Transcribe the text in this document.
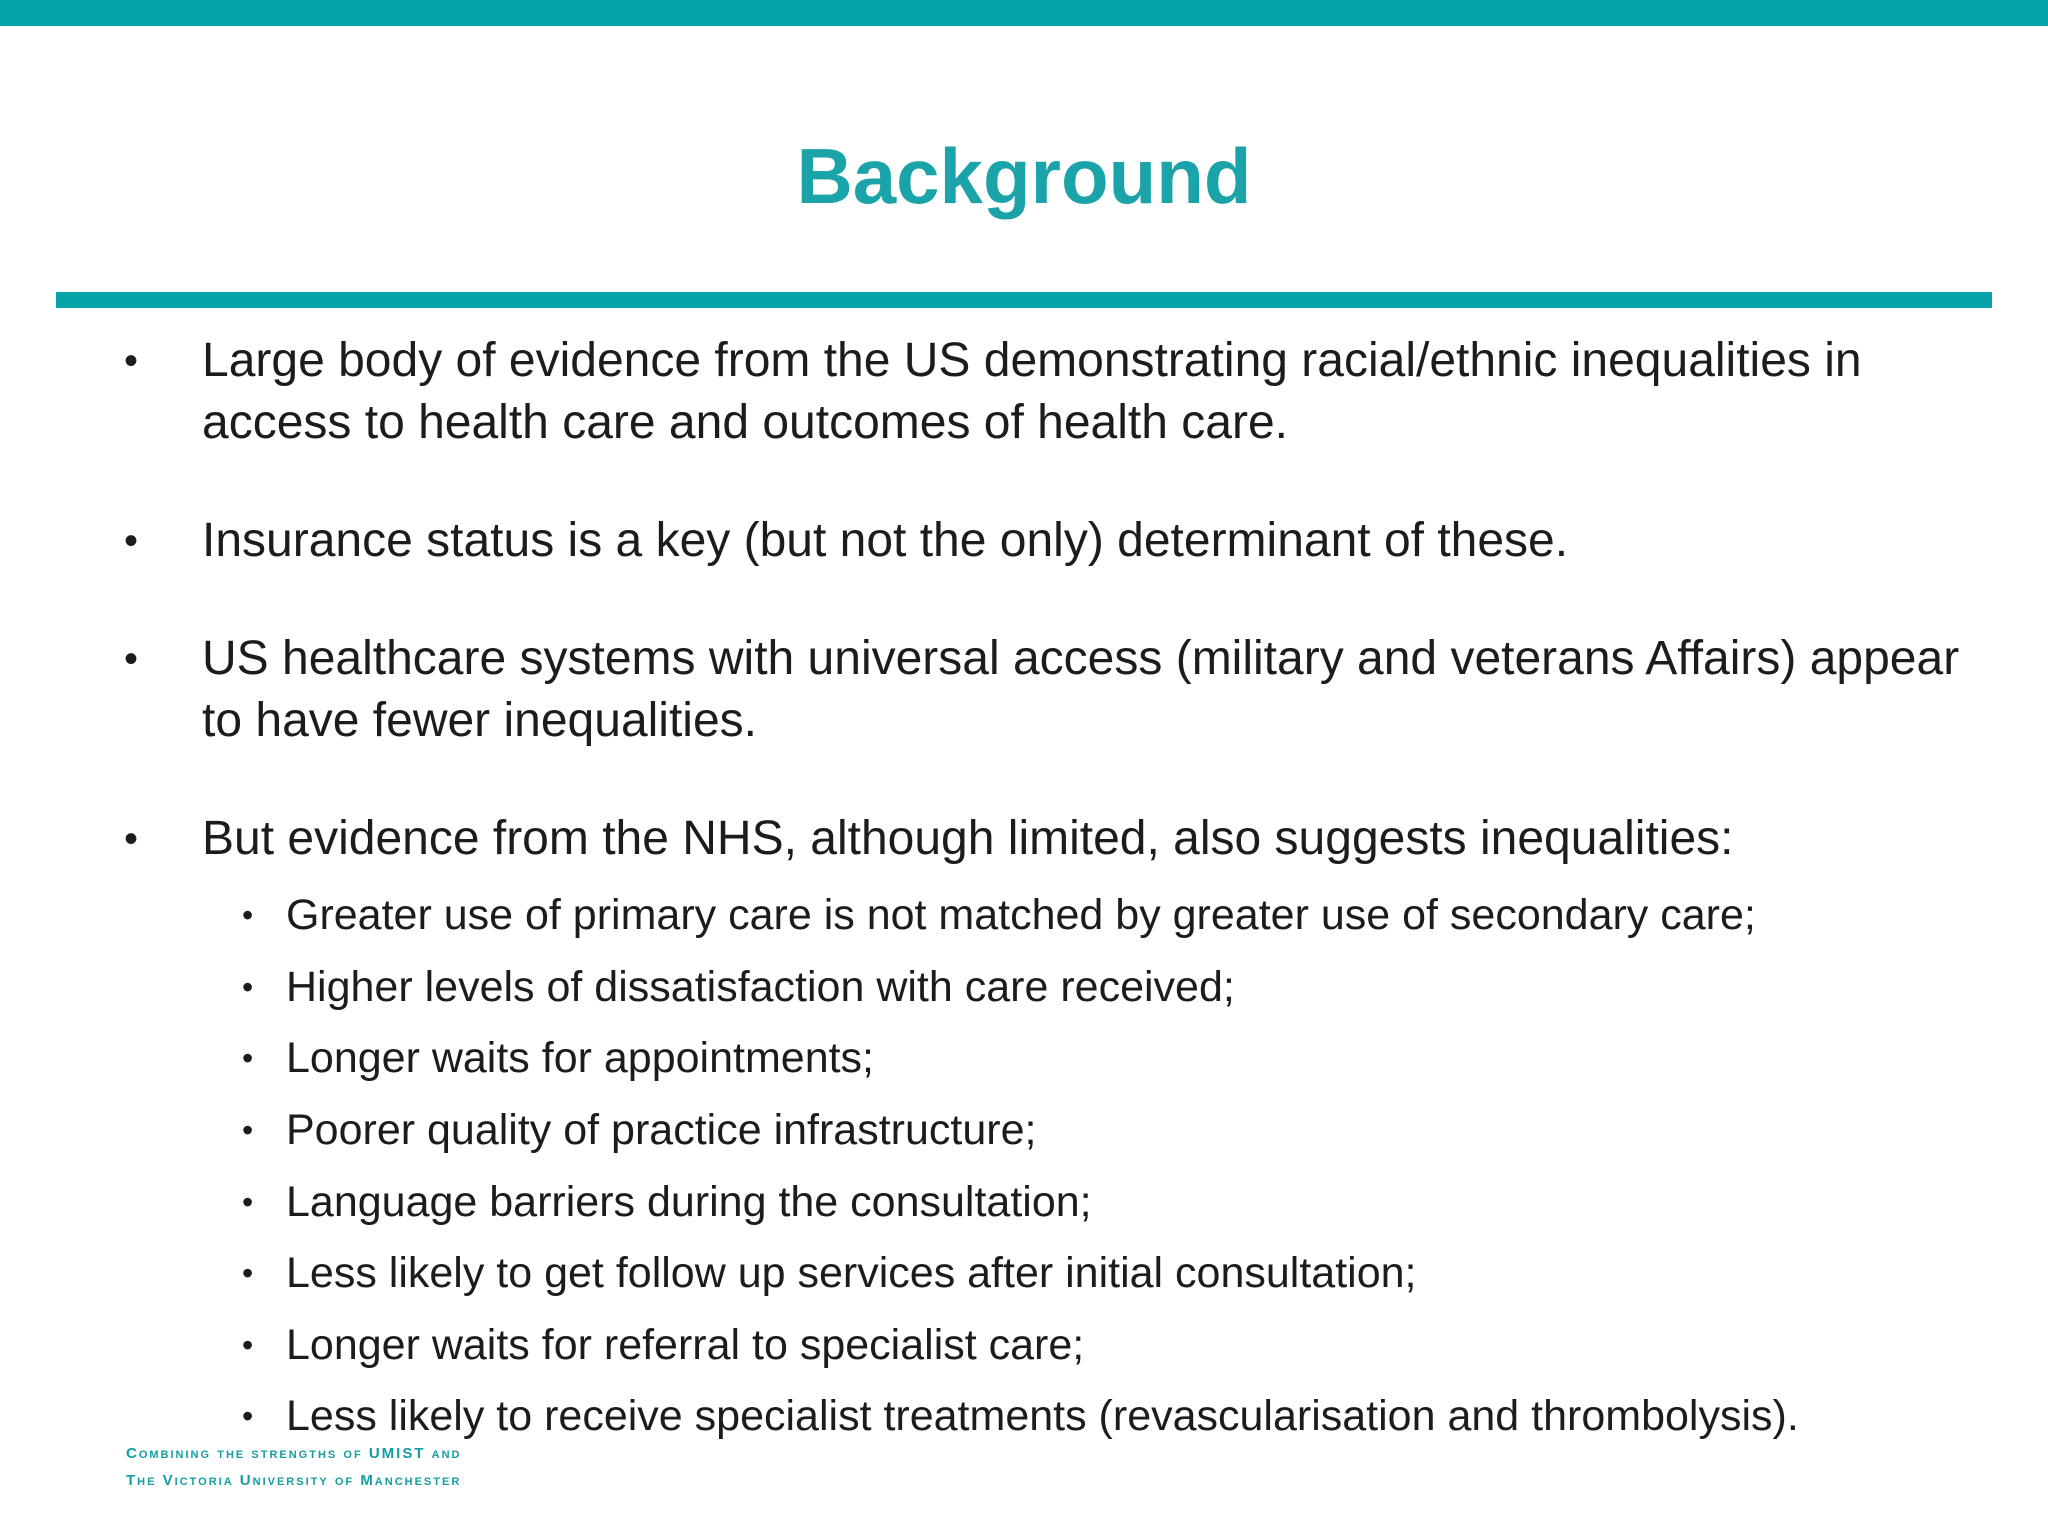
Background
• Large body of evidence from the US demonstrating racial/ethnic inequalities in access to health care and outcomes of health care.
• Insurance status is a key (but not the only) determinant of these.
• US healthcare systems with universal access (military and veterans Affairs) appear to have fewer inequalities.
• But evidence from the NHS, although limited, also suggests inequalities:
• Greater use of primary care is not matched by greater use of secondary care;
• Higher levels of dissatisfaction with care received;
• Longer waits for appointments;
• Poorer quality of practice infrastructure;
• Language barriers during the consultation;
• Less likely to get follow up services after initial consultation;
• Longer waits for referral to specialist care;
• Less likely to receive specialist treatments (revascularisation and thrombolysis).
Combining the strengths of UMIST and
The Victoria University of Manchester
